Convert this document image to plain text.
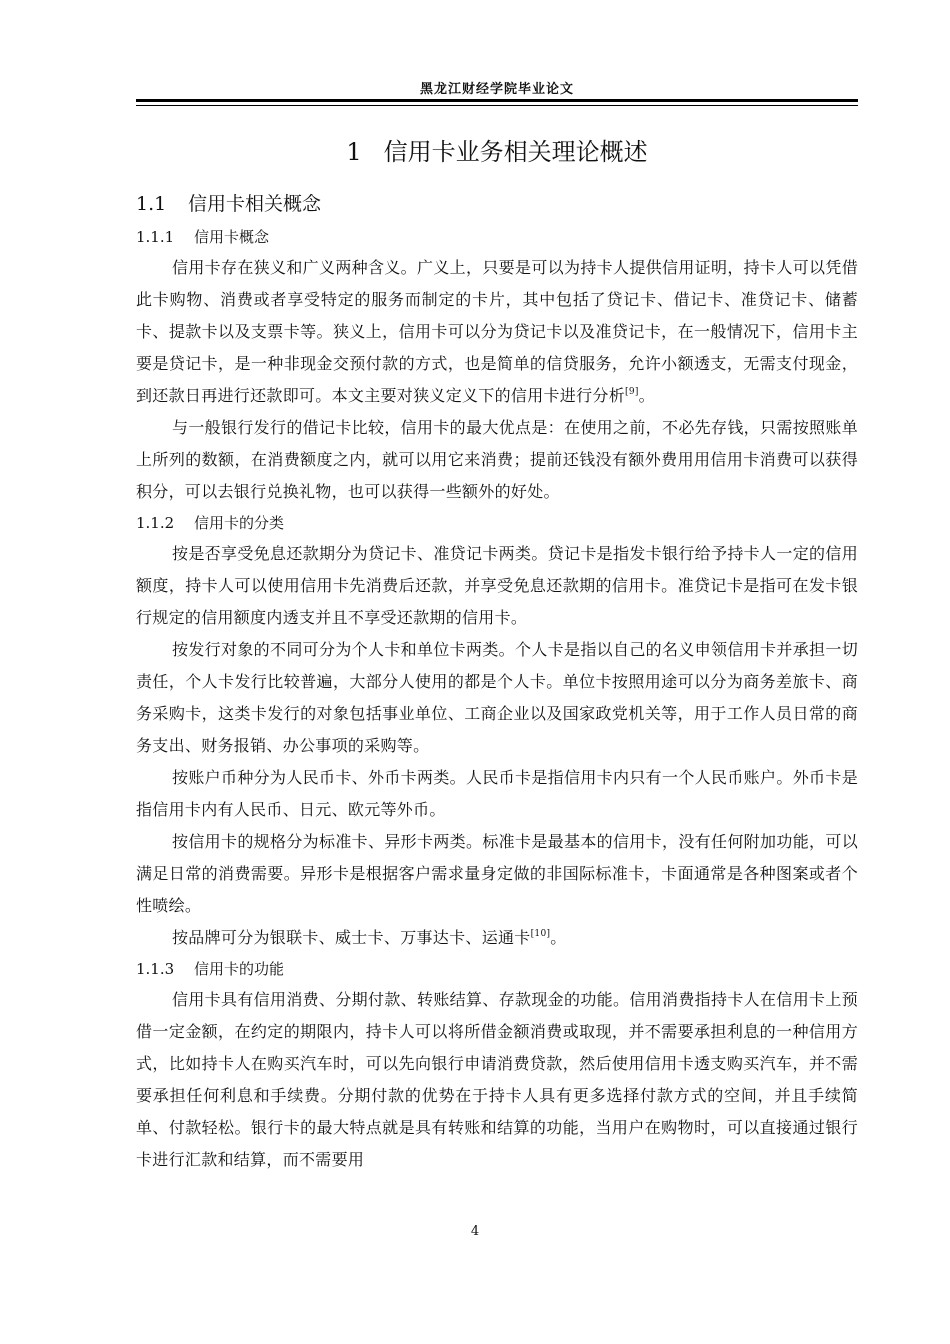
黑龙江财经学院毕业论文
1 信用卡业务相关理论概述
1.1 信用卡相关概念
1.1.1 信用卡概念

信用卡存在狭义和广义两种含义。广义上，只要是可以为持卡人提供信用证明，持卡人可以凭借此卡购物、消费或者享受特定的服务而制定的卡片，其中包括了贷记卡、借记卡、准贷记卡、储蓄卡、提款卡以及支票卡等。狭义上，信用卡可以分为贷记卡以及准贷记卡，在一般情况下，信用卡主要是贷记卡，是一种非现金交预付款的方式，也是简单的信贷服务，允许小额透支，无需支付现金，到还款日再进行还款即可。本文主要对狭义定义下的信用卡进行分析[9]。

与一般银行发行的借记卡比较，信用卡的最大优点是：在使用之前，不必先存钱，只需按照账单上所列的数额，在消费额度之内，就可以用它来消费；提前还钱没有额外费用用信用卡消费可以获得积分，可以去银行兑换礼物，也可以获得一些额外的好处。

1.1.2 信用卡的分类

按是否享受免息还款期分为贷记卡、准贷记卡两类。贷记卡是指发卡银行给予持卡人一定的信用额度，持卡人可以使用信用卡先消费后还款，并享受免息还款期的信用卡。准贷记卡是指可在发卡银行规定的信用额度内透支并且不享受还款期的信用卡。

按发行对象的不同可分为个人卡和单位卡两类。个人卡是指以自己的名义申领信用卡并承担一切责任，个人卡发行比较普遍，大部分人使用的都是个人卡。单位卡按照用途可以分为商务差旅卡、商务采购卡，这类卡发行的对象包括事业单位、工商企业以及国家政党机关等，用于工作人员日常的商务支出、财务报销、办公事项的采购等。

按账户币种分为人民币卡、外币卡两类。人民币卡是指信用卡内只有一个人民币账户。外币卡是指信用卡内有人民币、日元、欧元等外币。

按信用卡的规格分为标准卡、异形卡两类。标准卡是最基本的信用卡，没有任何附加功能，可以满足日常的消费需要。异形卡是根据客户需求量身定做的非国际标准卡，卡面通常是各种图案或者个性喷绘。

按品牌可分为银联卡、威士卡、万事达卡、运通卡[10]。

1.1.3 信用卡的功能

信用卡具有信用消费、分期付款、转账结算、存款现金的功能。信用消费指持卡人在信用卡上预借一定金额，在约定的期限内，持卡人可以将所借金额消费或取现，并不需要承担利息的一种信用方式，比如持卡人在购买汽车时，可以先向银行申请消费贷款，然后使用信用卡透支购买汽车，并不需要承担任何利息和手续费。分期付款的优势在于持卡人具有更多选择付款方式的空间，并且手续简单、付款轻松。银行卡的最大特点就是具有转账和结算的功能，当用户在购物时，可以直接通过银行卡进行汇款和结算，而不需要用

4
